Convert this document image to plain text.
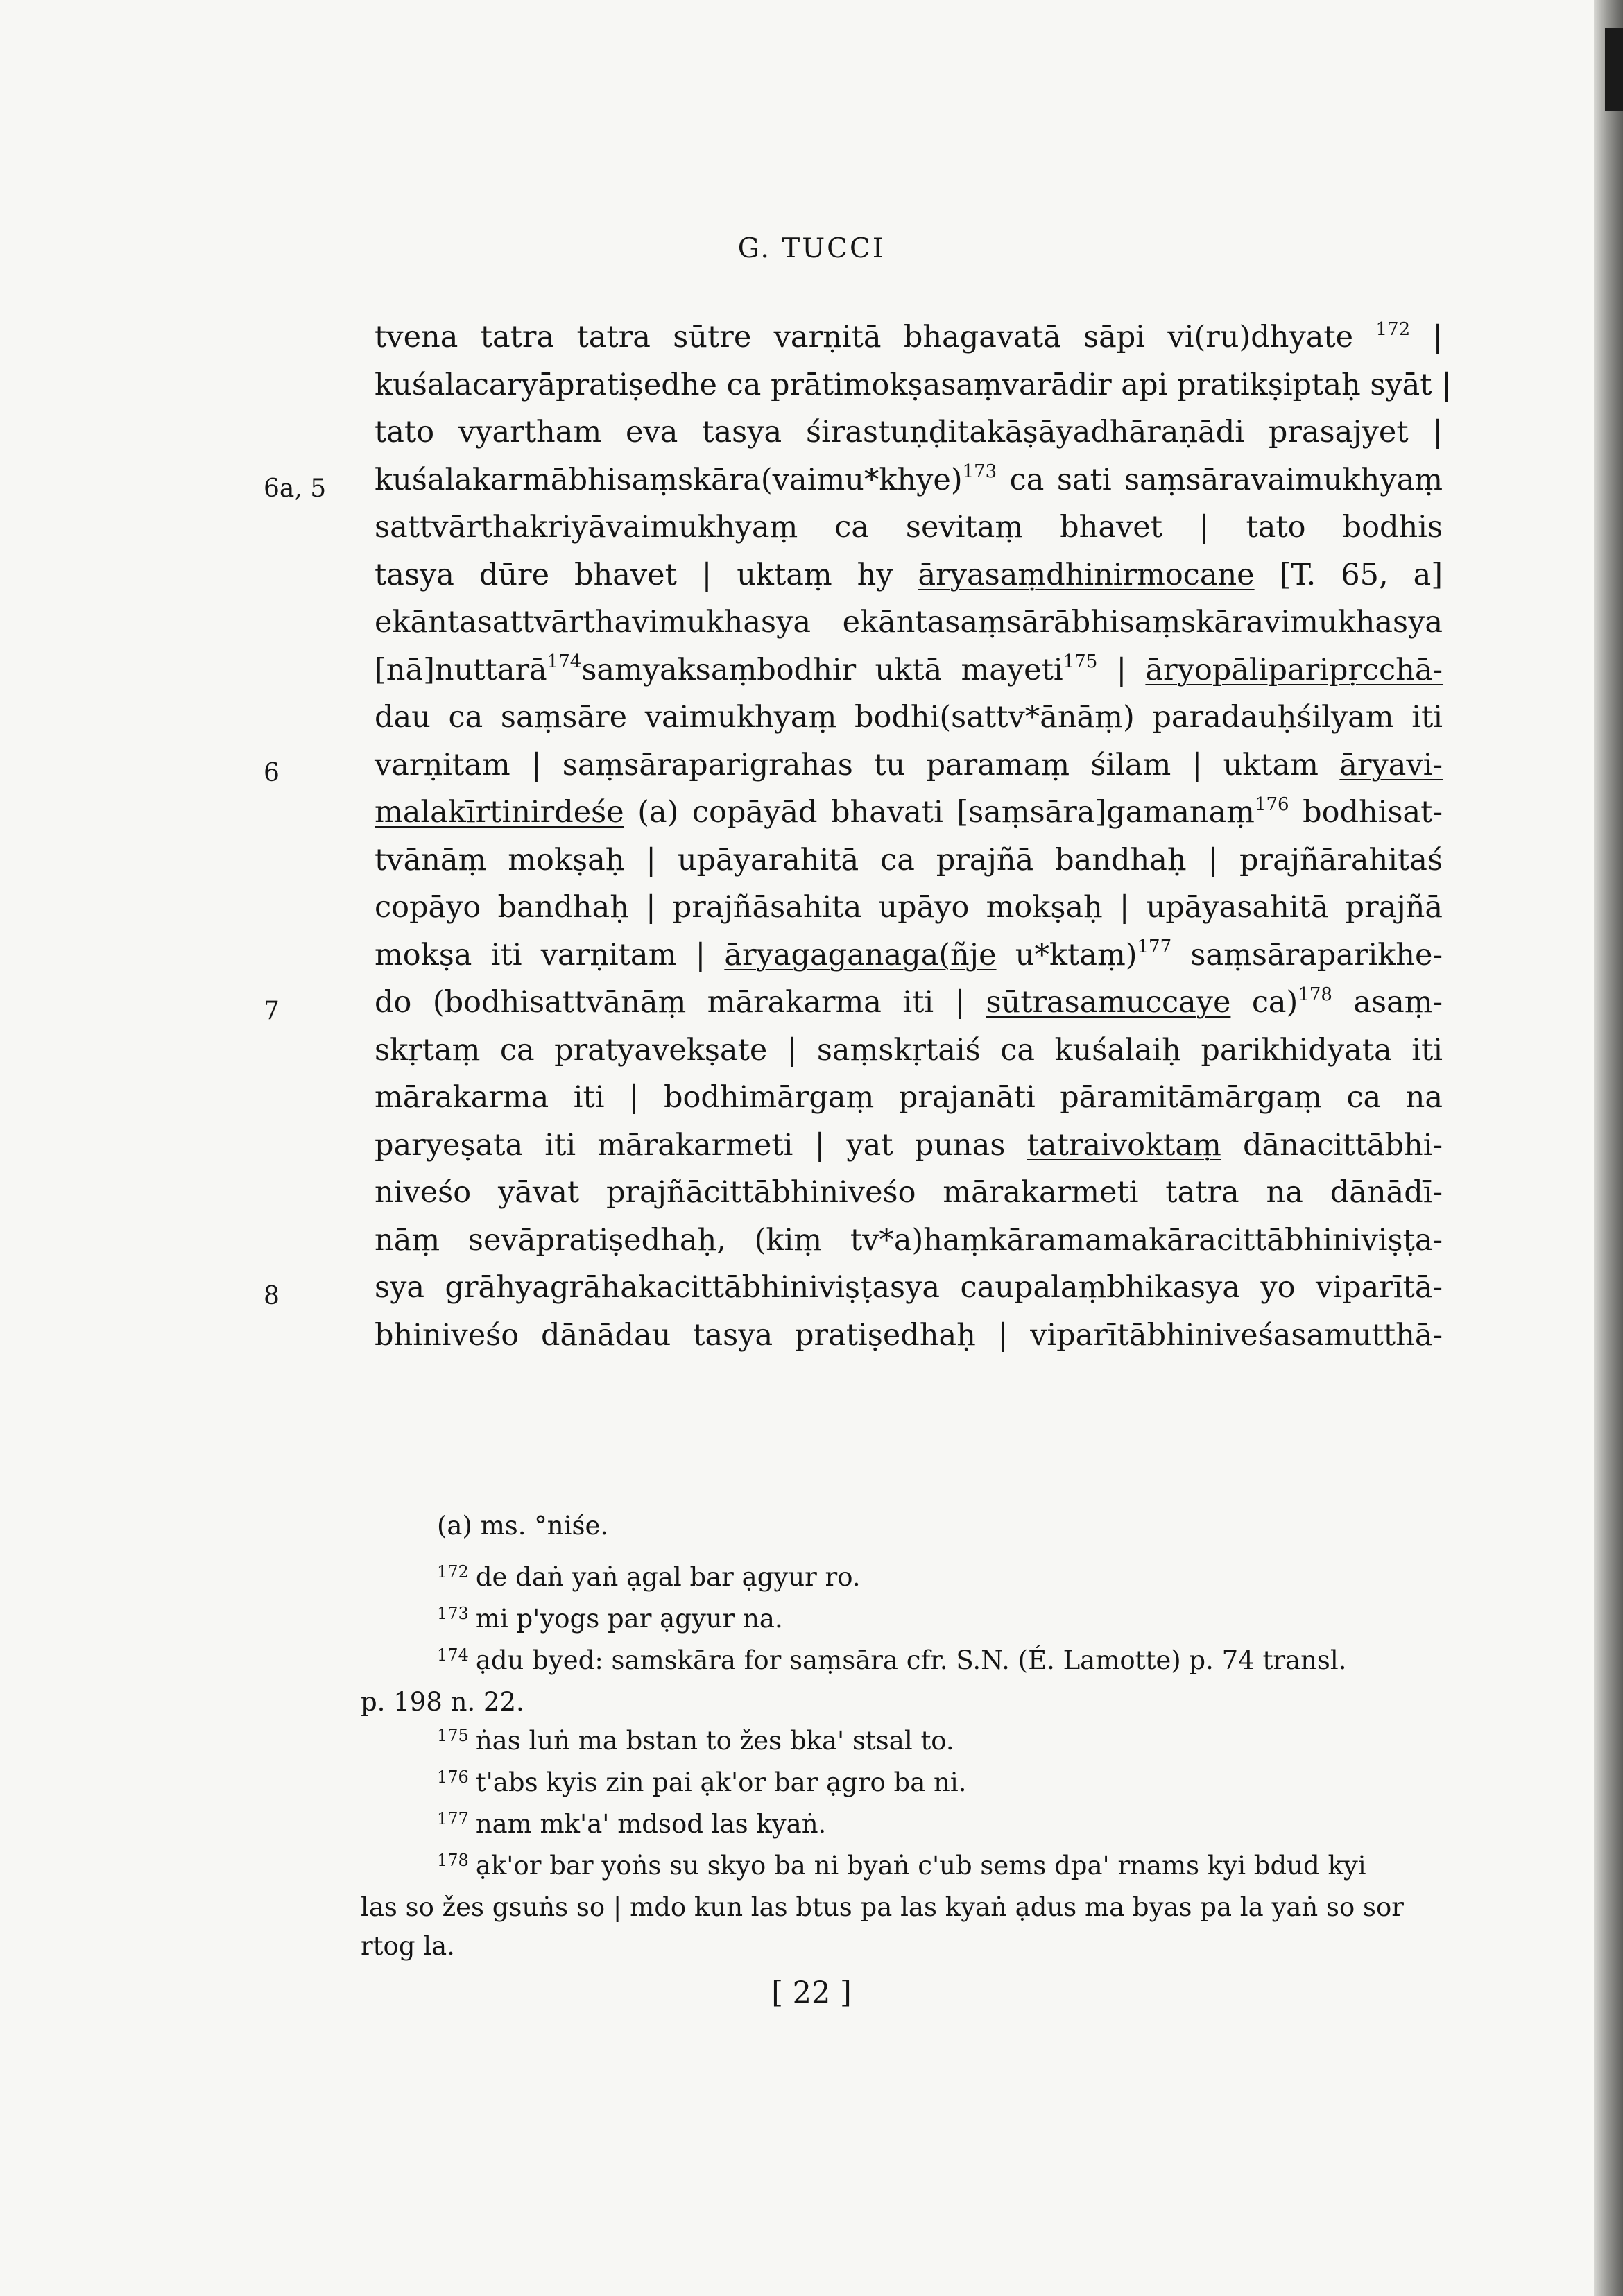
G. TUCCI
6a, 5
6
7
8
tvena tatra tatra sūtre varṇitā bhagavatā sāpi vi(ru)dhyate $^{172}$ |
kuśalacaryāpratiṣedhe ca prātimokṣasaṃvarādir api pratikṣiptaḥ syāt |
tato vyartham eva tasya śirastuṇḍitakāṣāyadhāraṇādi prasajyet |
kuśalakarmābhisaṃskāra(vaimu*khye)$^{173}$ ca sati saṃsāravaimukhyaṃ
sattvārthakriyāvaimukhyaṃ ca sevitaṃ bhavet | tato bodhis
tasya dūre bhavet | uktaṃ hy āryasaṃdhinirmocane [T. 65, a]
ekāntasattvārthavimukhasya ekāntasaṃsārābhisaṃskāravimukhasya
[nā]nuttarā$^{174}$samyaksaṃbodhir uktā mayeti$^{175}$ | āryopāliparipṛcchā-
dau ca saṃsāre vaimukhyaṃ bodhi(sattv*ānāṃ) paradauḥśilyam iti
varṇitam | saṃsāraparigrahas tu paramaṃ śilam | uktam āryavi-
malakīrtinirdeśe (a) copāyād bhavati [saṃsāra]gamanaṃ$^{176}$ bodhisat-
tvānāṃ mokṣaḥ | upāyarahitā ca prajñā bandhaḥ | prajñārahitaś
copāyo bandhaḥ | prajñāsahita upāyo mokṣaḥ | upāyasahitā prajñā
mokṣa iti varṇitam | āryagaganaga(ñje u*ktaṃ)$^{177}$ saṃsāraparikhe-
do (bodhisattvānāṃ mārakarma iti | sūtrasamuccaye ca)$^{178}$ asaṃ-
skṛtaṃ ca pratyavekṣate | saṃskṛtaiś ca kuśalaiḥ parikhidyata iti
mārakarma iti | bodhimārgaṃ prajanāti pāramitāmārgaṃ ca na
paryeṣata iti mārakarmeti | yat punas tatraivoktaṃ dānacittābhi-
niveśo yāvat prajñācittābhiniveśo mārakarmeti tatra na dānādī-
nāṃ sevāpratiṣedhaḥ, (kiṃ tv*a)haṃkāramamakāracittābhiniviṣṭa-
sya grāhyagrāhakacittābhiniviṣṭasya caupalaṃbhikasya yo viparītā-
bhiniveśo dānādau tasya pratiṣedhaḥ | viparītābhiniveśasamutthā-
(a) ms. °niśe.
$^{172}$ de daṅ yaṅ ạgal bar ạgyur ro.
$^{173}$ mi p'yogs par ạgyur na.
$^{174}$ ạdu byed: samskāra for saṃsāra cfr. S.N. (É. Lamotte) p. 74 transl.
p. 198 n. 22.
$^{175}$ ṅas luṅ ma bstan to žes bka' stsal to.
$^{176}$ t'abs kyis zin pai ạk'or bar ạgro ba ni.
$^{177}$ nam mk'a' mdsod las kyaṅ.
$^{178}$ ạk'or bar yoṅs su skyo ba ni byaṅ c'ub sems dpa' rnams kyi bdud kyi
las so žes gsuṅs so | mdo kun las btus pa las kyaṅ ạdus ma byas pa la yaṅ so sor
rtog la.
[ 22 ]
